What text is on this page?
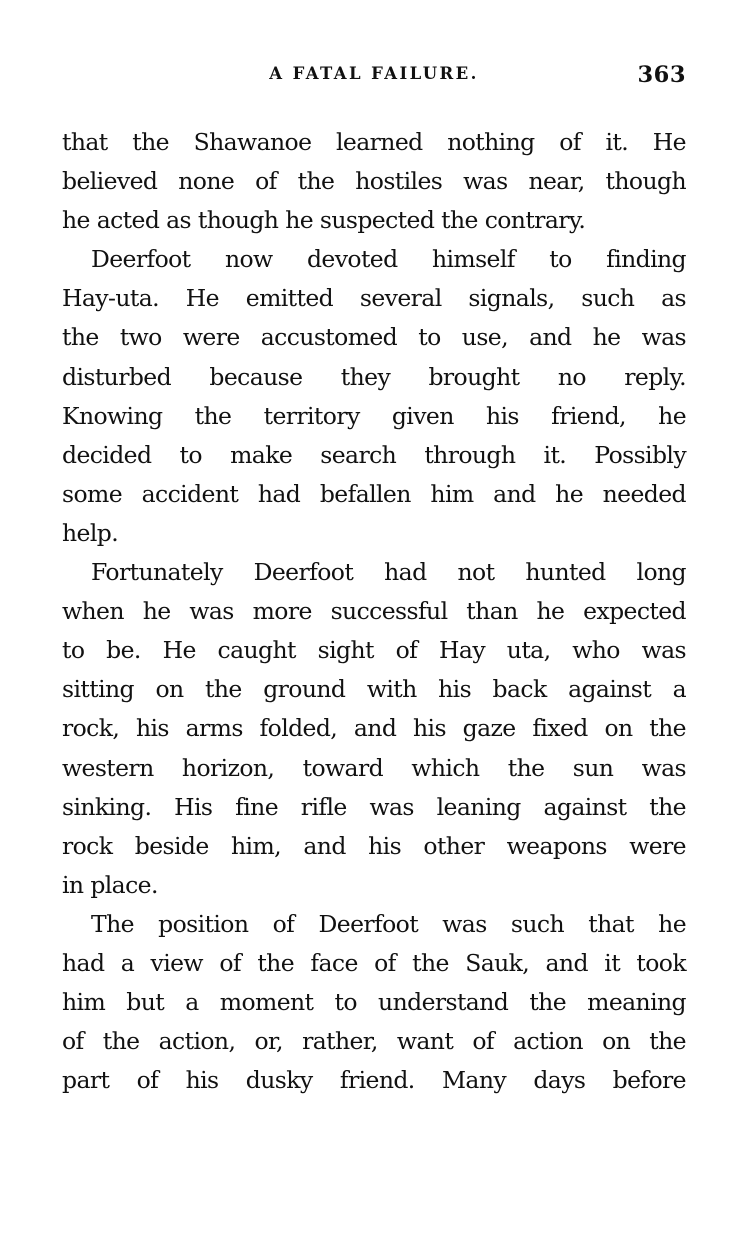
A FATAL FAILURE.	363
that the Shawanoe learned nothing of it. He
believed none of the hostiles was near, though
he acted as though he suspected the contrary.
Deerfoot now devoted himself to finding
Hay-uta. He emitted several signals, such as
the two were accustomed to use, and he was
disturbed because they brought no reply.
Knowing the territory given his friend, he
decided to make search through it. Possibly
some accident had befallen him and he needed
help.
Fortunately Deerfoot had not hunted long
when he was more successful than he expected
to be. He caught sight of Hay uta, who was
sitting on the ground with his back against a
rock, his arms folded, and his gaze fixed on the
western horizon, toward which the sun was
sinking. His fine rifle was leaning against the
rock beside him, and his other weapons were
in place.
The position of Deerfoot was such that he
had a view of the face of the Sauk, and it took
him but a moment to understand the meaning
of the action, or, rather, want of action on the
part of his dusky friend. Many days before
